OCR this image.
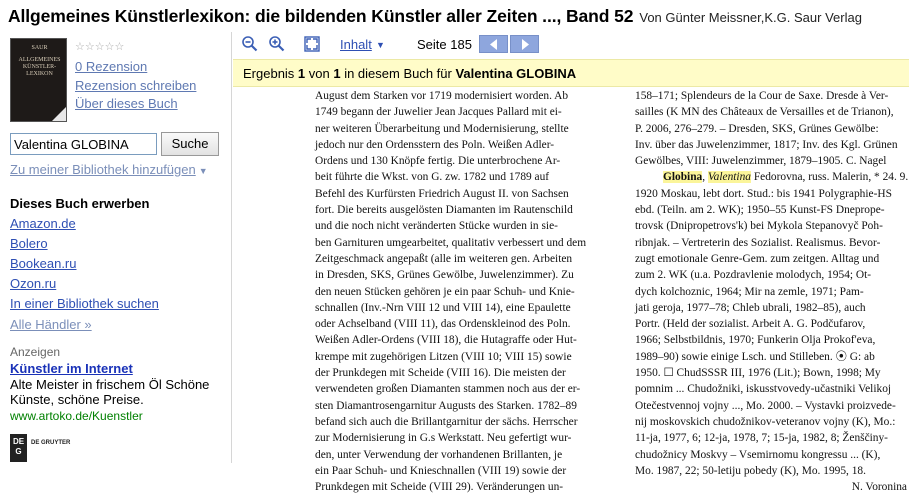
Allgemeines Künstlerlexikon: die bildenden Künstler aller Zeiten ..., Band 52 Von Günter Meissner,K.G. Saur Verlag
SAUR
ALLGEMEINES
KÜNSTLER-
LEXIKON
☆☆☆☆☆
0 Rezension
Rezension schreiben
Über dieses Buch
Valentina GLOBINA
Suche
Zu meiner Bibliothek hinzufügen ▼
Dieses Buch erwerben
Amazon.de
Bolero
Bookean.ru
Ozon.ru
In einer Bibliothek suchen
Alle Händler »
Anzeigen
Künstler im Internet
Alte Meister in frischem Öl Schöne Künste, schöne Preise.
www.artoko.de/Kuenstler
DE G
DE GRUYTER
Inhalt ▼ Seite 185
Ergebnis 1 von 1 in diesem Buch für Valentina GLOBINA
August dem Starken vor 1719 modernisiert worden. Ab
1749 begann der Juwelier Jean Jacques Pallard mit ei-
ner weiteren Überarbeitung und Modernisierung, stellte
jedoch nur den Ordensstern des Poln. Weißen Adler-
Ordens und 130 Knöpfe fertig. Die unterbrochene Ar-
beit führte die Wkst. von G. zw. 1782 und 1789 auf
Befehl des Kurfürsten Friedrich August II. von Sachsen
fort. Die bereits ausgelösten Diamanten im Rautenschild
und die noch nicht veränderten Stücke wurden in sie-
ben Garnituren umgearbeitet, qualitativ verbessert und dem
Zeitgeschmack angepaßt (alle im weiteren gen. Arbeiten
in Dresden, SKS, Grünes Gewölbe, Juwelenzimmer). Zu
den neuen Stücken gehören je ein paar Schuh- und Knie-
schnallen (Inv.-Nrn VIII 12 und VIII 14), eine Epaulette
oder Achselband (VIII 11), das Ordenskleinod des Poln.
Weißen Adler-Ordens (VIII 18), die Hutagraffe oder Hut-
krempe mit zugehörigen Litzen (VIII 10; VIII 15) sowie
der Prunkdegen mit Scheide (VIII 16). Die meisten der
verwendeten großen Diamanten stammen noch aus der er-
sten Diamantrosengarnitur Augusts des Starken. 1782–89
befand sich auch die Brillantgarnitur der sächs. Herrscher
zur Modernisierung in G.s Werkstatt. Neu gefertigt wur-
den, unter Verwendung der vorhandenen Brillanten, je
ein Paar Schuh- und Knieschnallen (VIII 19) sowie der
Prunkdegen mit Scheide (VIII 29). Veränderungen un-
158–171; Splendeurs de la Cour de Saxe. Dresde à Ver-
sailles (K MN des Châteaux de Versailles et de Trianon),
P. 2006, 276–279. – Dresden, SKS, Grünes Gewölbe:
Inv. über das Juwelenzimmer, 1817; Inv. des Kgl. Grünen
Gewölbes, VIII: Juwelenzimmer, 1879–1905. C. Nagel
Globina, Valentina Fedorovna, russ. Malerin, * 24. 9.
1920 Moskau, lebt dort. Stud.: bis 1941 Polygraphie-HS
ebd. (Teiln. am 2. WK); 1950–55 Kunst-FS Dnepropе-
trovsk (Dnipropetrovs'k) bei Mykola Stepanovyč Poh-
ribnjak. – Vertreterin des Sozialist. Realismus. Bevor-
zugt emotionale Genre-Gem. zum zeitgen. Alltag und
zum 2. WK (u.a. Pozdravlenie molodych, 1954; Ot-
dych kolchoznic, 1964; Mir na zemle, 1971; Pam-
jati geroja, 1977–78; Chleb ubrali, 1982–85), auch
Portr. (Held der sozialist. Arbeit A. G. Podčufarov,
1966; Selbstbildnis, 1970; Funkerin Olja Prokof'eva,
1989–90) sowie einige Lsch. und Stilleben. ⦿ G: ab
1950. ☐ ChudSSSR III, 1976 (Lit.); Bown, 1998; My
pomnim ... Chudožniki, iskusstvovedy-učastniki Velikoj
Otečestvennoj vojny ..., Mo. 2000. – Vystavki proizvede-
nij moskovskich chudožnikov-veteranov vojny (K), Mo.:
11-ja, 1977, 6; 12-ja, 1978, 7; 15-ja, 1982, 8; Ženščiny-
chudožnicy Moskvy – Vsemirnomu kongressu ... (K),
Mo. 1987, 22; 50-letiju pobedy (K), Mo. 1995, 18.
N. Voronina
